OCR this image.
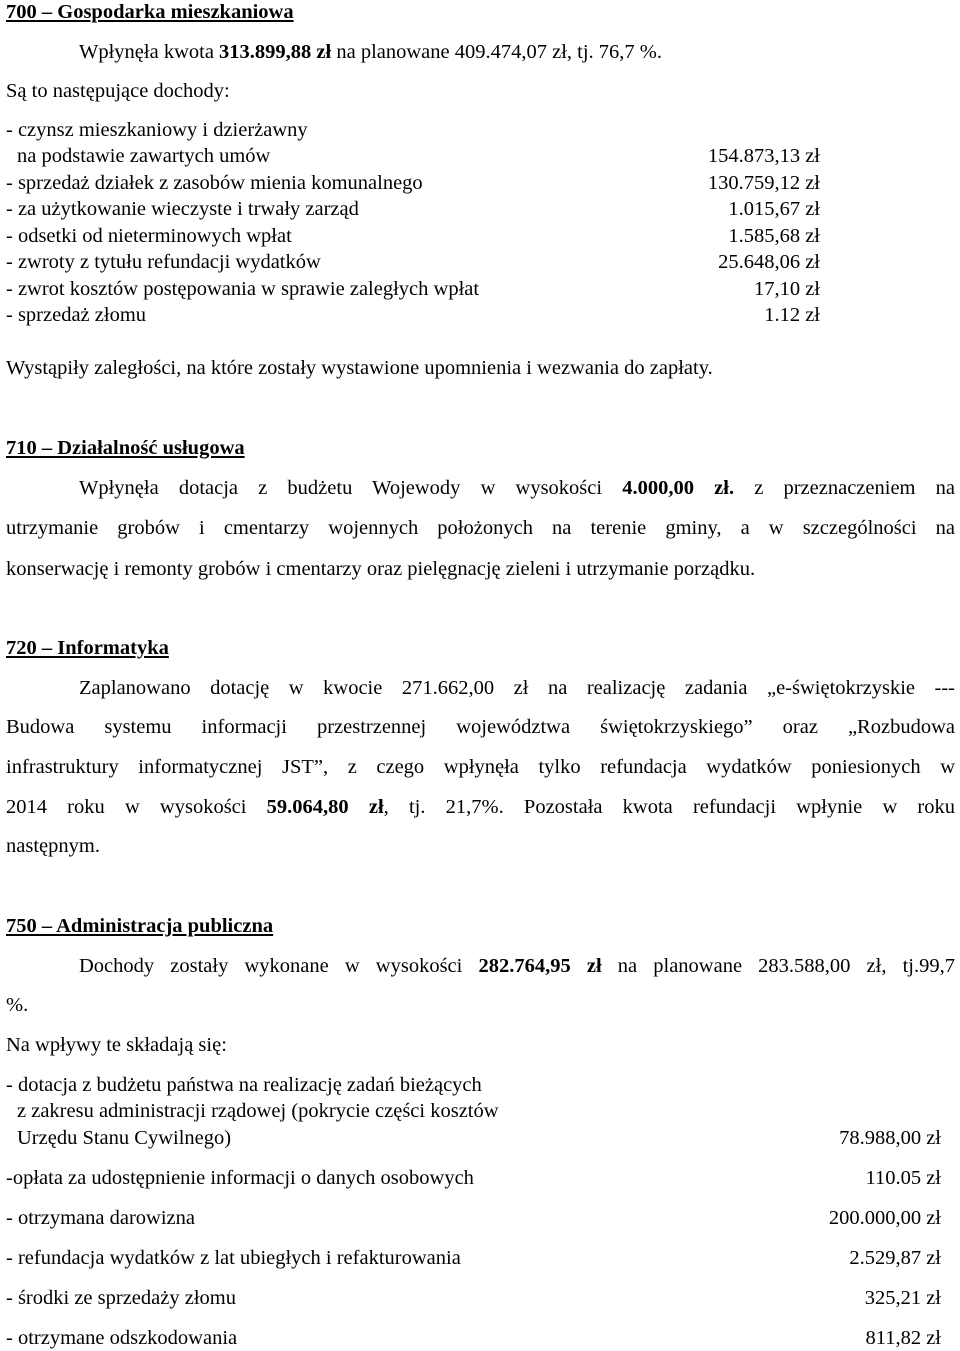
700 – Gospodarka mieszkaniowa
Wpłynęła kwota 313.899,88 zł na planowane 409.474,07 zł, tj. 76,7 %.
Są to następujące dochody:
- czynsz mieszkaniowy i dzierżawny
na podstawie zawartych umów	154.873,13 zł
- sprzedaż działek z zasobów mienia komunalnego	130.759,12 zł
- za użytkowanie wieczyste i trwały zarząd	1.015,67 zł
- odsetki od nieterminowych wpłat	1.585,68 zł
- zwroty z tytułu refundacji wydatków	25.648,06 zł
- zwrot kosztów postępowania w sprawie zaległych wpłat	17,10 zł
- sprzedaż złomu	1.12 zł
Wystąpiły zaległości, na które zostały wystawione upomnienia i wezwania do zapłaty.
710 – Działalność usługowa
Wpłynęła dotacja z budżetu Wojewody w wysokości 4.000,00 zł. z przeznaczeniem na
utrzymanie grobów i cmentarzy wojennych położonych na terenie gminy, a w szczególności na
konserwację i remonty grobów i cmentarzy oraz pielęgnację zieleni i utrzymanie porządku.
720 – Informatyka
Zaplanowano dotację w kwocie 271.662,00 zł na realizację zadania „e-świętokrzyskie ---
Budowa systemu informacji przestrzennej województwa świętokrzyskiego” oraz „Rozbudowa
infrastruktury informatycznej JST”, z czego wpłynęła tylko refundacja wydatków poniesionych w
2014 roku w wysokości 59.064,80 zł, tj. 21,7%. Pozostała kwota refundacji wpłynie w roku
następnym.
750 – Administracja publiczna
Dochody zostały wykonane w wysokości 282.764,95 zł na planowane 283.588,00 zł, tj.99,7
%.
Na wpływy te składają się:
- dotacja z budżetu państwa na realizację zadań bieżących
z zakresu administracji rządowej (pokrycie części kosztów
Urzędu Stanu Cywilnego)	78.988,00 zł
-opłata za udostępnienie informacji o danych osobowych	110.05 zł
- otrzymana darowizna	200.000,00 zł
- refundacja wydatków z lat ubiegłych i refakturowania	2.529,87 zł
- środki ze sprzedaży złomu	325,21 zł
- otrzymane odszkodowania	811,82 zł
